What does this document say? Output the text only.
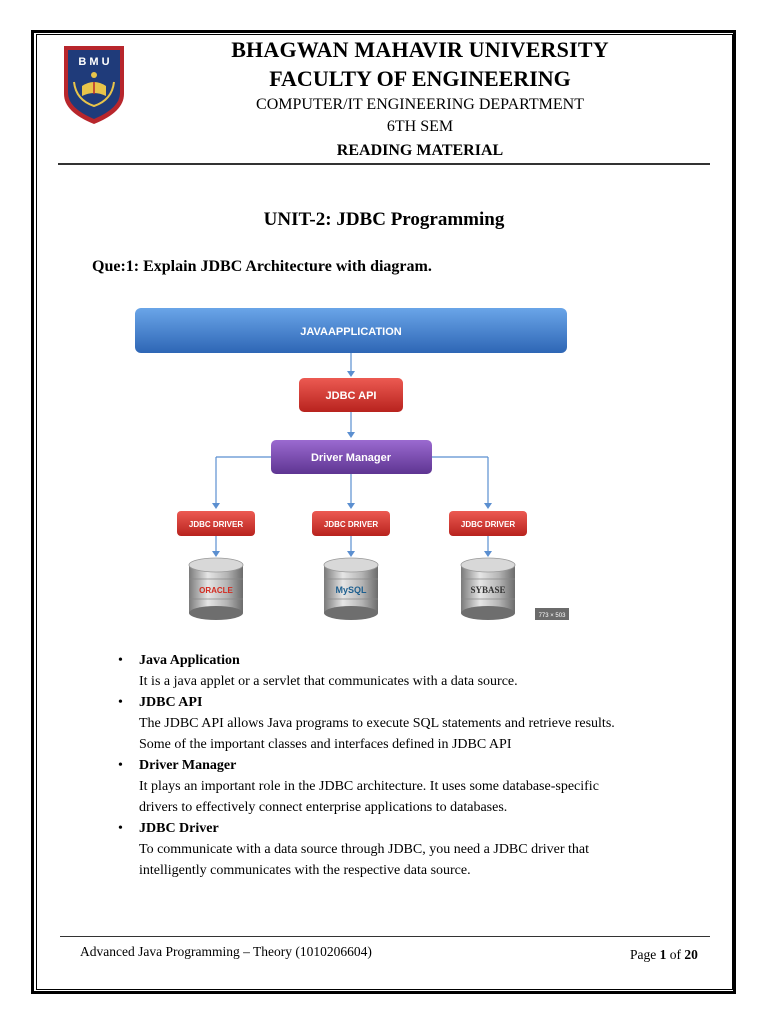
B M U	BHAGWAN MAHAVIR UNIVERSITY
FACULTY OF ENGINEERING
COMPUTER/IT ENGINEERING DEPARTMENT
6TH SEM
READING MATERIAL
UNIT-2: JDBC Programming
Que:1: Explain JDBC Architecture with diagram.
JAVAAPPLICATION
JDBC API
Driver Manager
JDBC DRIVER	JDBC DRIVER	JDBC DRIVER
ORACLE	MySQL	SYBASE
773 × 503
• Java Application
It is a java applet or a servlet that communicates with a data source.
• JDBC API
The JDBC API allows Java programs to execute SQL statements and retrieve results.
Some of the important classes and interfaces defined in JDBC API
• Driver Manager
It plays an important role in the JDBC architecture. It uses some database-specific
drivers to effectively connect enterprise applications to databases.
• JDBC Driver
To communicate with a data source through JDBC, you need a JDBC driver that
intelligently communicates with the respective data source.
Advanced Java Programming – Theory (1010206604)	Page 1 of 20
